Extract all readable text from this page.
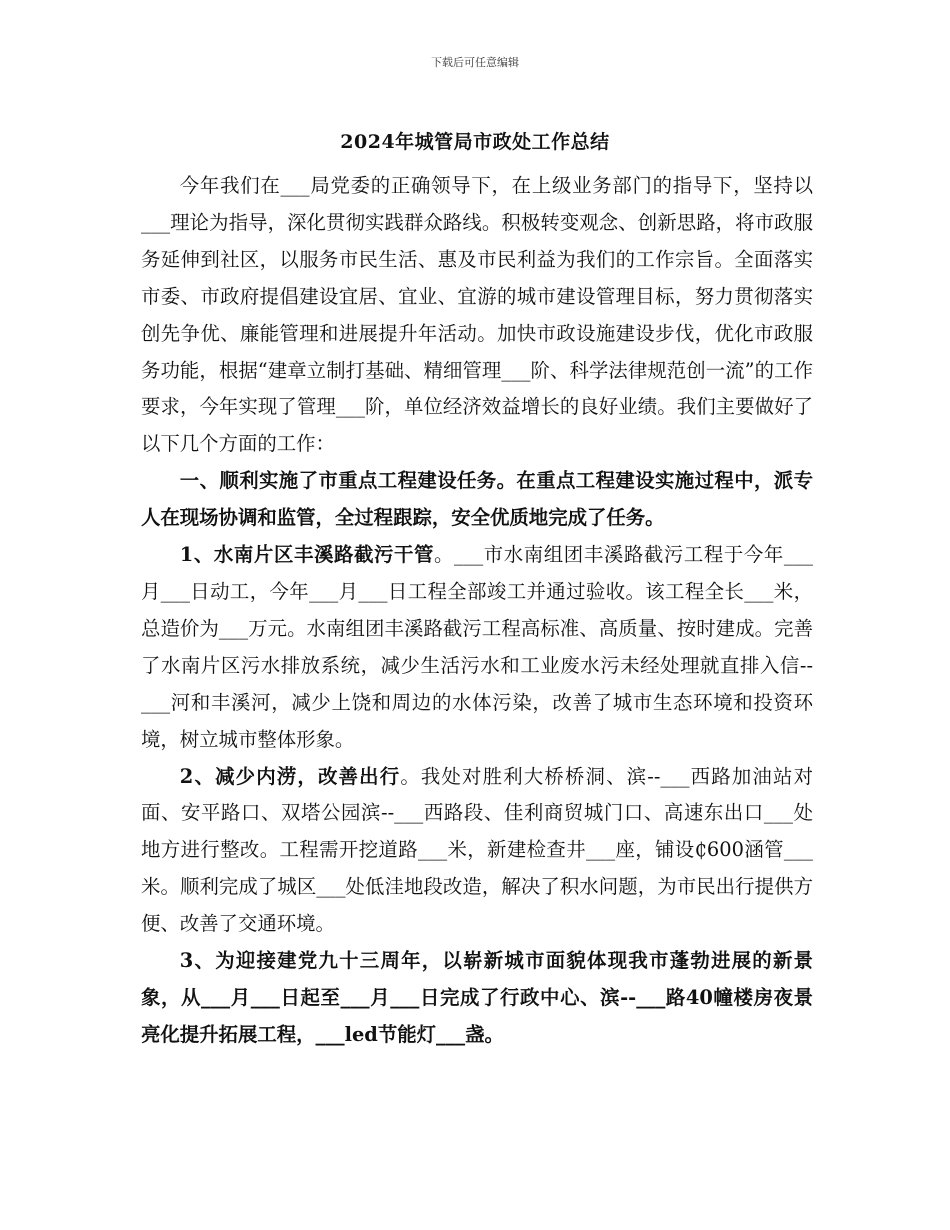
下载后可任意编辑
2024年城管局市政处工作总结

今年我们在___局党委的正确领导下，在上级业务部门的指导下，坚持以___理论为指导，深化贯彻实践群众路线。积极转变观念、创新思路，将市政服务延伸到社区，以服务市民生活、惠及市民利益为我们的工作宗旨。全面落实市委、市政府提倡建设宜居、宜业、宜游的城市建设管理目标，努力贯彻落实创先争优、廉能管理和进展提升年活动。加快市政设施建设步伐，优化市政服务功能，根据“建章立制打基础、精细管理___阶、科学法律规范创一流”的工作要求，今年实现了管理___阶，单位经济效益增长的良好业绩。我们主要做好了以下几个方面的工作：

一、顺利实施了市重点工程建设任务。在重点工程建设实施过程中，派专人在现场协调和监管，全过程跟踪，安全优质地完成了任务。

1、水南片区丰溪路截污干管。___市水南组团丰溪路截污工程于今年___月___日动工，今年___月___日工程全部竣工并通过验收。该工程全长___米，总造价为___万元。水南组团丰溪路截污工程高标准、高质量、按时建成。完善了水南片区污水排放系统，减少生活污水和工业废水污未经处理就直排入信--___河和丰溪河，减少上饶和周边的水体污染，改善了城市生态环境和投资环境，树立城市整体形象。

2、减少内涝，改善出行。我处对胜利大桥桥洞、滨--___西路加油站对面、安平路口、双塔公园滨--___西路段、佳利商贸城门口、高速东出口___处地方进行整改。工程需开挖道路___米，新建检查井___座，铺设₵600涵管___米。顺利完成了城区___处低洼地段改造，解决了积水问题，为市民出行提供方便、改善了交通环境。

3、为迎接建党九十三周年，以崭新城市面貌体现我市蓬勃进展的新景象，从___月___日起至___月___日完成了行政中心、滨--___路40幢楼房夜景亮化提升拓展工程，___led节能灯___盏。
